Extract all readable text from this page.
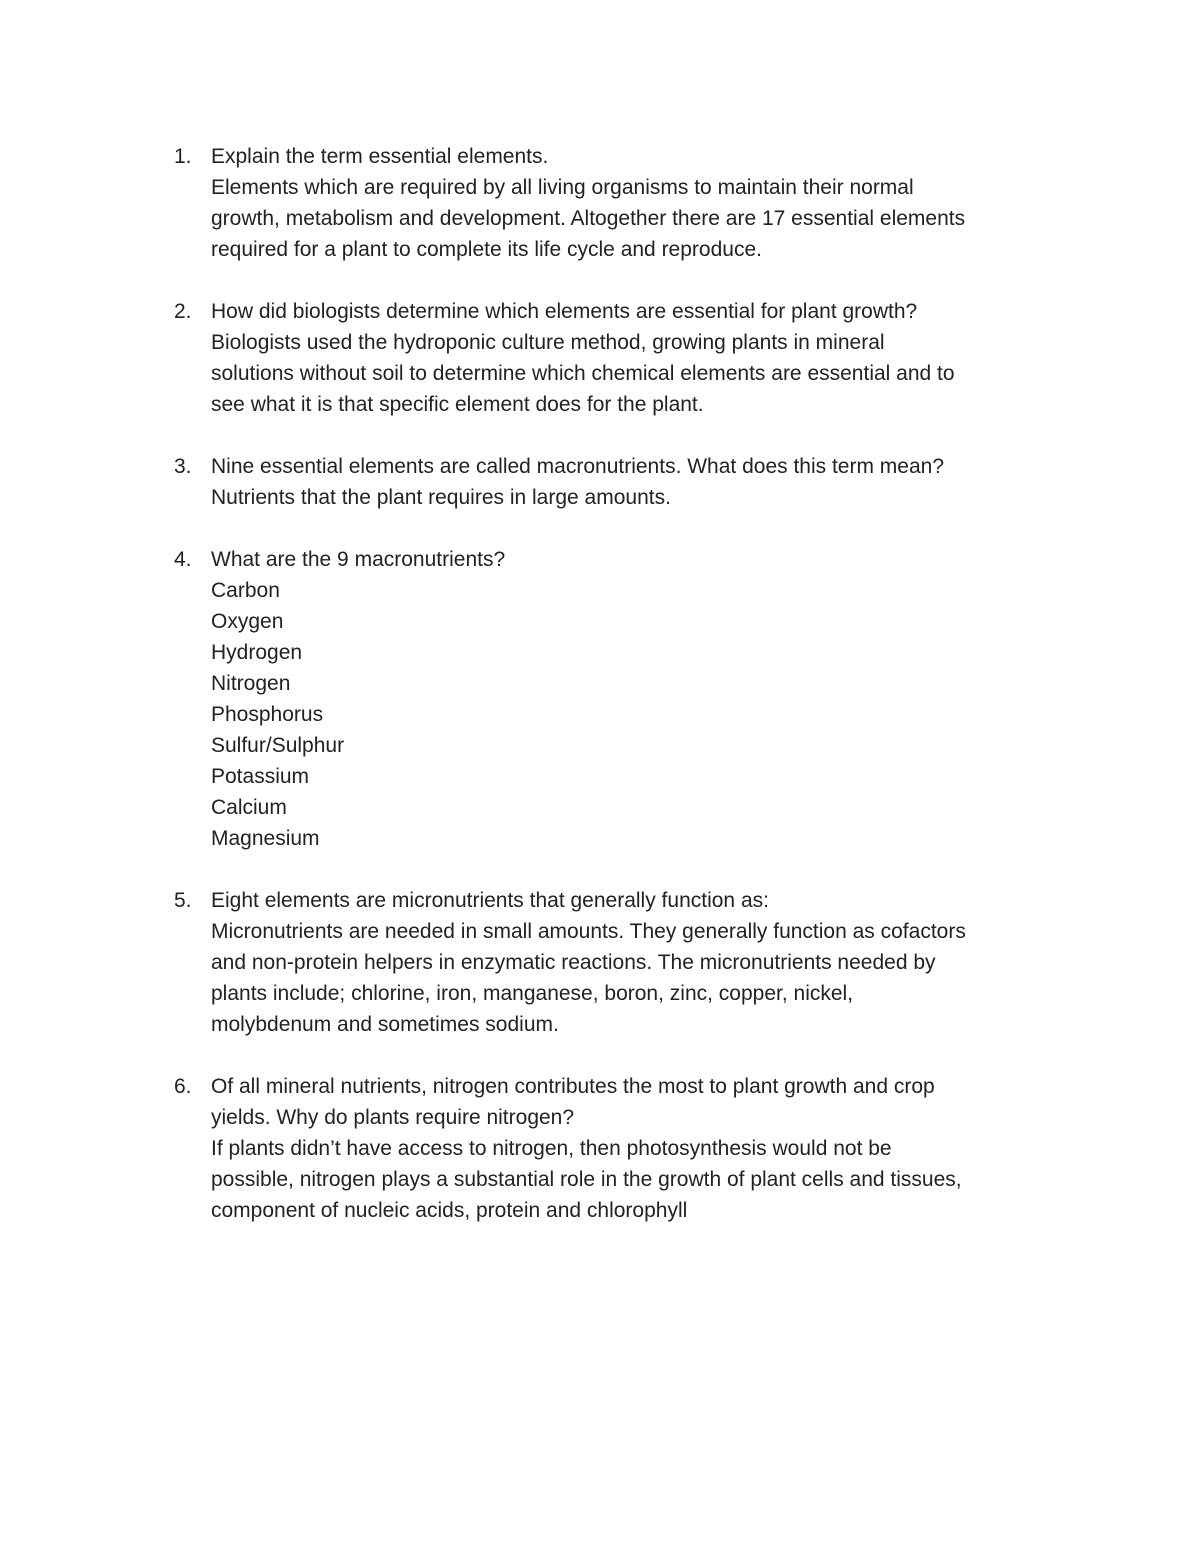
1. Explain the term essential elements.
Elements which are required by all living organisms to maintain their normal
growth, metabolism and development. Altogether there are 17 essential elements
required for a plant to complete its life cycle and reproduce.
2. How did biologists determine which elements are essential for plant growth?
Biologists used the hydroponic culture method, growing plants in mineral
solutions without soil to determine which chemical elements are essential and to
see what it is that specific element does for the plant.
3. Nine essential elements are called macronutrients. What does this term mean?
Nutrients that the plant requires in large amounts.
4. What are the 9 macronutrients?
Carbon
Oxygen
Hydrogen
Nitrogen
Phosphorus
Sulfur/Sulphur
Potassium
Calcium
Magnesium
5. Eight elements are micronutrients that generally function as:
Micronutrients are needed in small amounts. They generally function as cofactors
and non-protein helpers in enzymatic reactions. The micronutrients needed by
plants include; chlorine, iron, manganese, boron, zinc, copper, nickel,
molybdenum and sometimes sodium.
6. Of all mineral nutrients, nitrogen contributes the most to plant growth and crop
yields. Why do plants require nitrogen?
If plants didn’t have access to nitrogen, then photosynthesis would not be
possible, nitrogen plays a substantial role in the growth of plant cells and tissues,
component of nucleic acids, protein and chlorophyll
